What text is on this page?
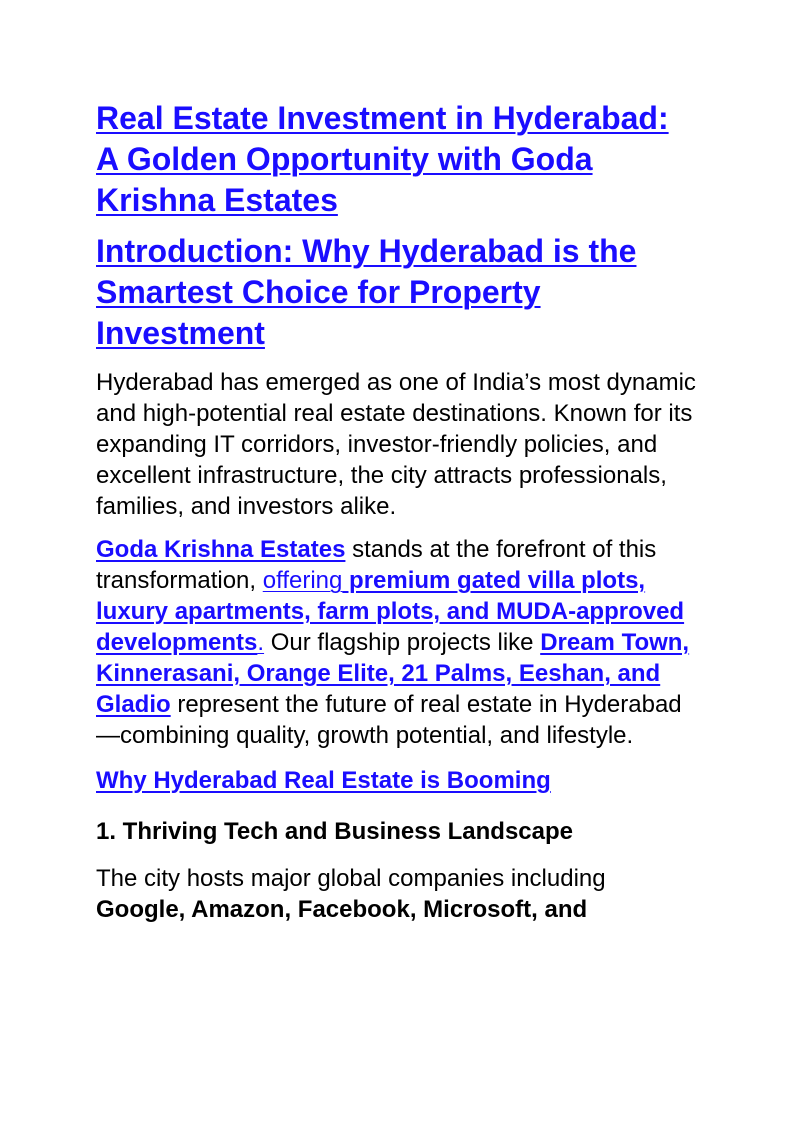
Real Estate Investment in Hyderabad: A Golden Opportunity with Goda Krishna Estates
Introduction: Why Hyderabad is the Smartest Choice for Property Investment

Hyderabad has emerged as one of India’s most dynamic and high-potential real estate destinations. Known for its expanding IT corridors, investor-friendly policies, and excellent infrastructure, the city attracts professionals, families, and investors alike.

Goda Krishna Estates stands at the forefront of this transformation, offering premium gated villa plots, luxury apartments, farm plots, and MUDA-approved developments. Our flagship projects like Dream Town, Kinnerasani, Orange Elite, 21 Palms, Eeshan, and Gladio represent the future of real estate in Hyderabad—combining quality, growth potential, and lifestyle.

Why Hyderabad Real Estate is Booming
1. Thriving Tech and Business Landscape

The city hosts major global companies including Google, Amazon, Facebook, Microsoft, and
